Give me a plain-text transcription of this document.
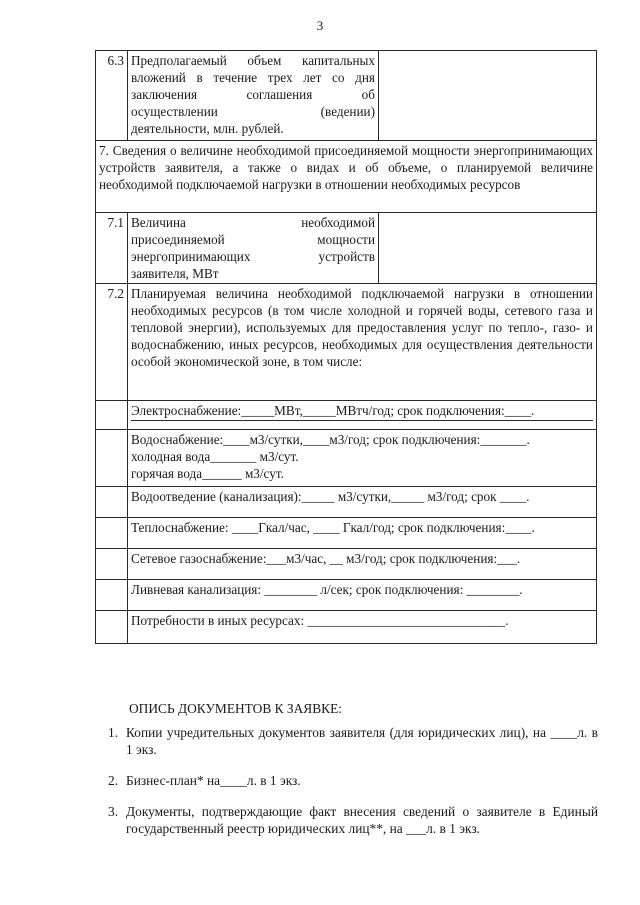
3
6.3	Предполагаемый объем капитальных
вложений в течение трех лет со дня
заключения соглашения об
осуществлении (ведении)
деятельности, млн. рублей.	

7. Сведения о величине необходимой присоединяемой мощности энергопринимающих устройств заявителя, а также о видах и об объеме, о планируемой величине необходимой подключаемой нагрузки в отношении необходимых ресурсов		
7.1	Величина необходимой
присоединяемой мощности
энергопринимающих устройств
заявителя, МВт	

7.2	Планируемая величина необходимой подключаемой нагрузки в отношении необходимых ресурсов (в том числе холодной и горячей воды, сетевого газа и тепловой энергии), используемых для предоставления услуг по тепло-, газо- и водоснабжению, иных ресурсов, необходимых для осуществления деятельности особой экономической зоне, в том числе:	

	Электроснабжение:_____МВт,_____МВтч/год; срок подключения:____.	

	Водоснабжение:____м3/сутки,____м3/год; срок подключения:_______.
холодная вода_______ м3/сут.
горячая вода______ м3/сут.	

	Водоотведение (канализация):_____ м3/сутки,_____ м3/год; срок ____.	

	Теплоснабжение: ____Гкал/час, ____ Гкал/год; срок подключения:____.	

	Сетевое газоснабжение:___м3/час, __ м3/год; срок подключения:___.	

	Ливневая канализация: ________ л/сек; срок подключения: ________.	

	Потребности в иных ресурсах: ______________________________.	
ОПИСЬ ДОКУМЕНТОВ К ЗАЯВКЕ:
1. Копии учредительных документов заявителя (для юридических лиц), на ____л. в 1 экз.
2. Бизнес-план* на____л. в 1 экз.
3. Документы, подтверждающие факт внесения сведений о заявителе в Единый государственный реестр юридических лиц**, на ___л. в 1 экз.
